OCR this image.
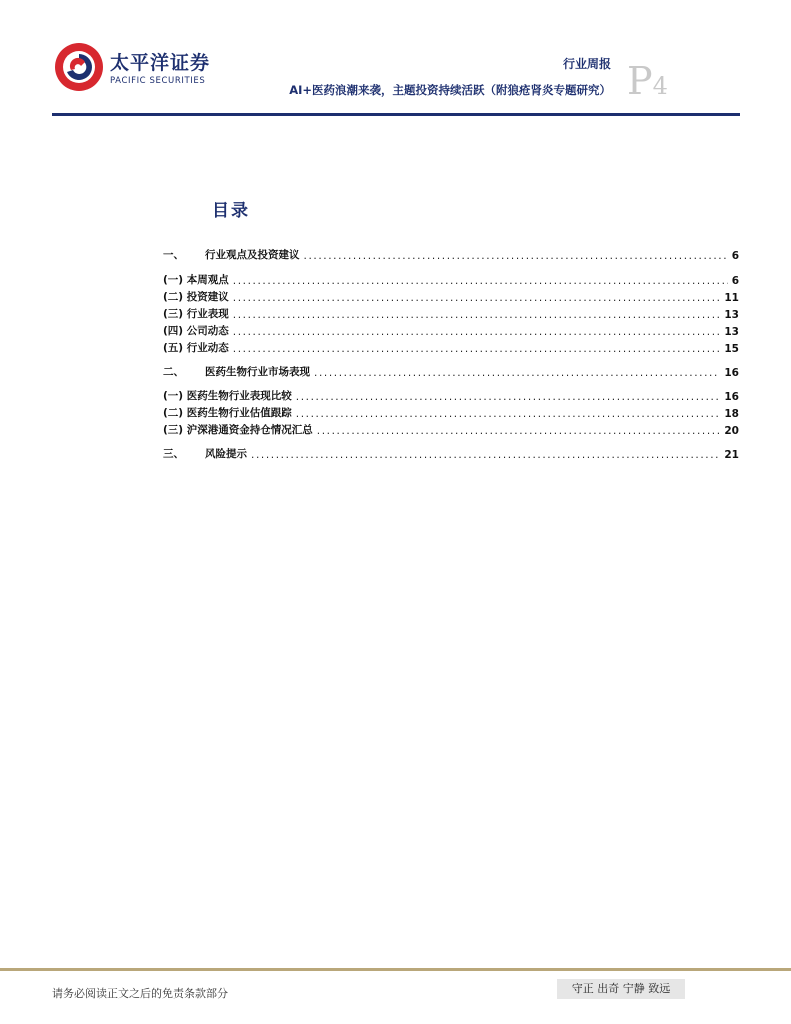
太平洋证券
PACIFIC SECURITIES
行业周报
AI+医药浪潮来袭，主题投资持续活跃（附狼疮肾炎专题研究） P4
目录
一、 行业观点及投资建议 .....	6
(一) 本周观点 .....	6
(二) 投资建议 .....	11
(三) 行业表现 .....	13
(四) 公司动态 .....	13
(五) 行业动态 .....	15
二、 医药生物行业市场表现 .....	16
(一) 医药生物行业表现比较 .....	16
(二) 医药生物行业估值跟踪 .....	18
(三) 沪深港通资金持仓情况汇总 .....	20
三、 风险提示 .....	21
请务必阅读正文之后的免责条款部分	守正 出奇 宁静 致远
